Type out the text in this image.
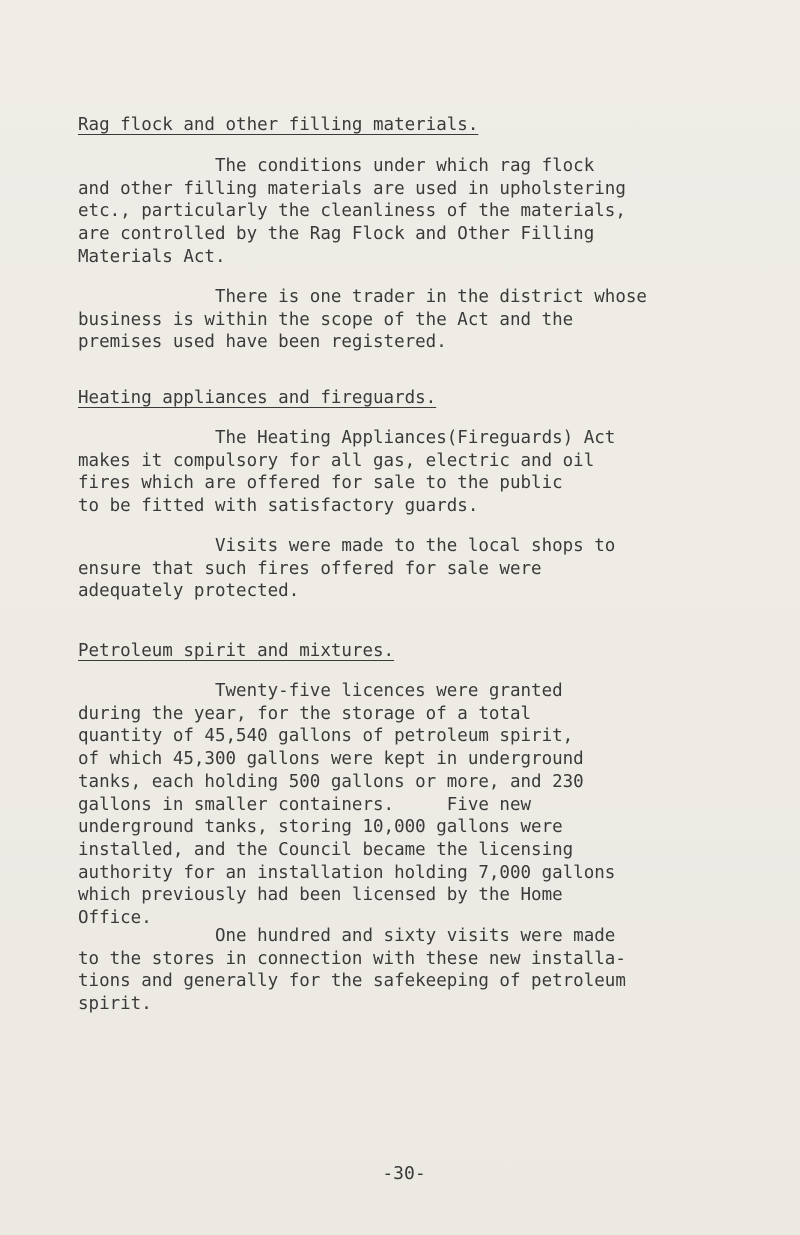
Rag flock and other filling materials.

The conditions under which rag flock
and other filling materials are used in upholstering
etc., particularly the cleanliness of the materials,
are controlled by the Rag Flock and Other Filling
Materials Act.

There is one trader in the district whose
business is within the scope of the Act and the
premises used have been registered.

Heating appliances and fireguards.

The Heating Appliances(Fireguards) Act
makes it compulsory for all gas, electric and oil
fires which are offered for sale to the public
to be fitted with satisfactory guards.

Visits were made to the local shops to
ensure that such fires offered for sale were
adequately protected.

Petroleum spirit and mixtures.

Twenty-five licences were granted
during the year, for the storage of a total
quantity of 45,540 gallons of petroleum spirit,
of which 45,300 gallons were kept in underground
tanks, each holding 500 gallons or more, and 230
gallons in smaller containers.     Five new
underground tanks, storing 10,000 gallons were
installed, and the Council became the licensing
authority for an installation holding 7,000 gallons
which previously had been licensed by the Home
Office.

One hundred and sixty visits were made
to the stores in connection with these new installa-
tions and generally for the safekeeping of petroleum
spirit.

-30-
